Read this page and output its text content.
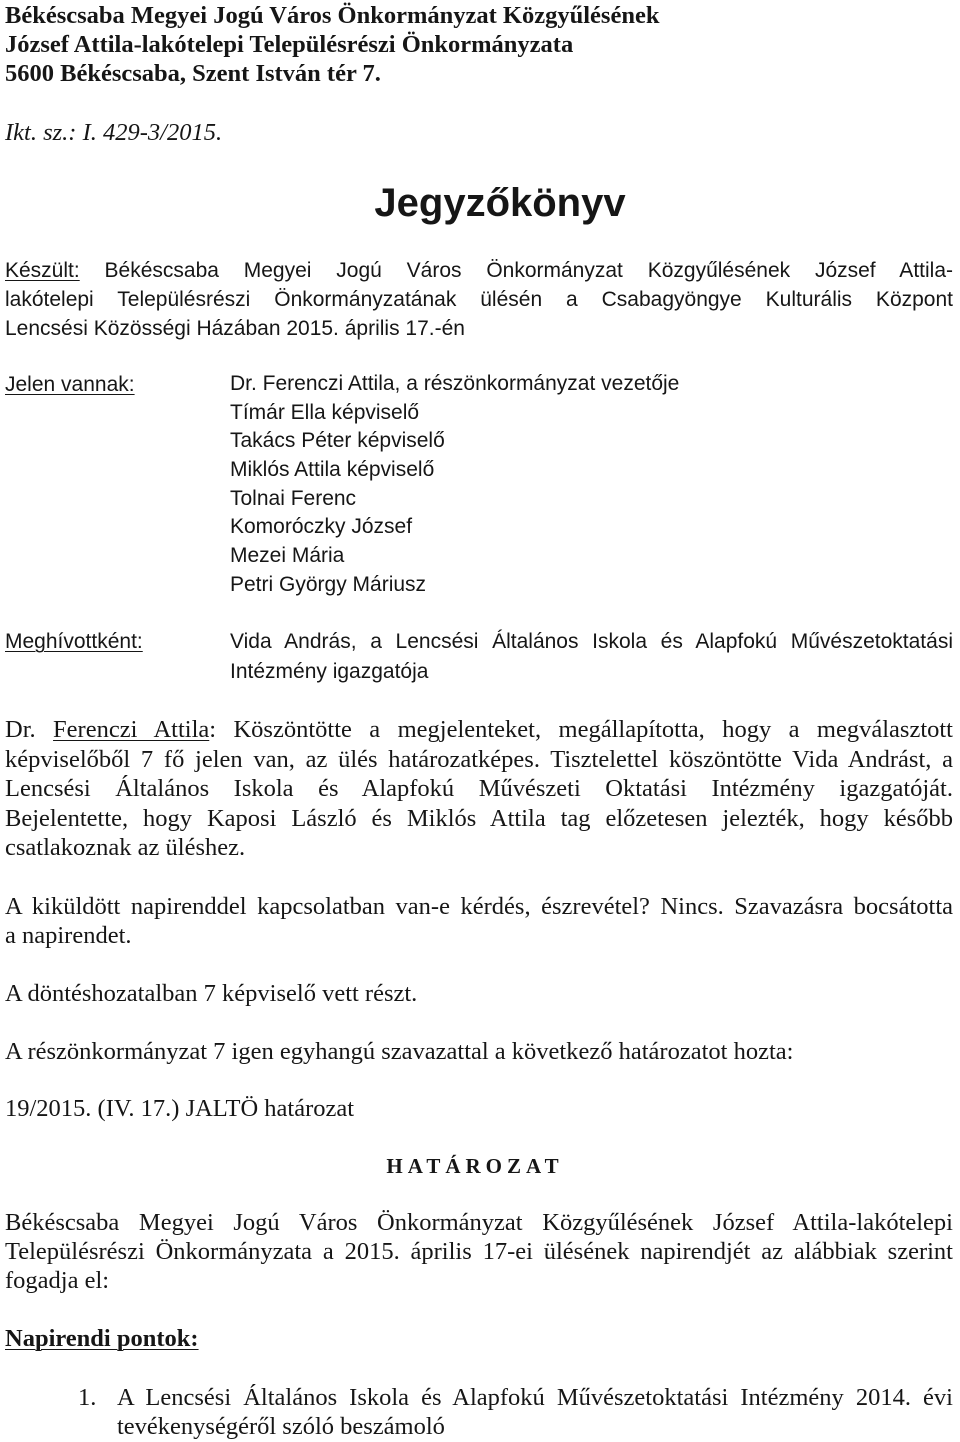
Békéscsaba Megyei Jogú Város Önkormányzat Közgyűlésének
József Attila-lakótelepi Településrészi Önkormányzata
5600 Békéscsaba, Szent István tér 7.
Ikt. sz.: I. 429-3/2015.
Jegyzőkönyv
Készült: Békéscsaba Megyei Jogú Város Önkormányzat Közgyűlésének József Attila-
lakótelepi Településrészi Önkormányzatának ülésén a Csabagyöngye Kulturális Központ
Lencsési Közösségi Házában 2015. április 17.-én
Jelen vannak:	Dr. Ferenczi Attila, a részönkormányzat vezetője
Tímár Ella képviselő
Takács Péter képviselő
Miklós Attila képviselő
Tolnai Ferenc
Komoróczky József
Mezei Mária
Petri György Máriusz
Meghívottként:	Vida András, a Lencsési Általános Iskola és Alapfokú Művészetoktatási
Intézmény igazgatója
Dr. Ferenczi Attila: Köszöntötte a megjelenteket, megállapította, hogy a megválasztott
képviselőből 7 fő jelen van, az ülés határozatképes. Tisztelettel köszöntötte Vida Andrást, a
Lencsési Általános Iskola és Alapfokú Művészeti Oktatási Intézmény igazgatóját.
Bejelentette, hogy Kaposi László és Miklós Attila tag előzetesen jelezték, hogy később
csatlakoznak az üléshez.
A kiküldött napirenddel kapcsolatban van-e kérdés, észrevétel? Nincs. Szavazásra bocsátotta
a napirendet.
A döntéshozatalban 7 képviselő vett részt.
A részönkormányzat 7 igen egyhangú szavazattal a következő határozatot hozta:
19/2015. (IV. 17.) JALTÖ határozat
HATÁROZAT
Békéscsaba Megyei Jogú Város Önkormányzat Közgyűlésének József Attila-lakótelepi
Településrészi Önkormányzata a 2015. április 17-ei ülésének napirendjét az alábbiak szerint
fogadja el:
Napirendi pontok:
1. A Lencsési Általános Iskola és Alapfokú Művészetoktatási Intézmény 2014. évi
tevékenységéről szóló beszámoló
